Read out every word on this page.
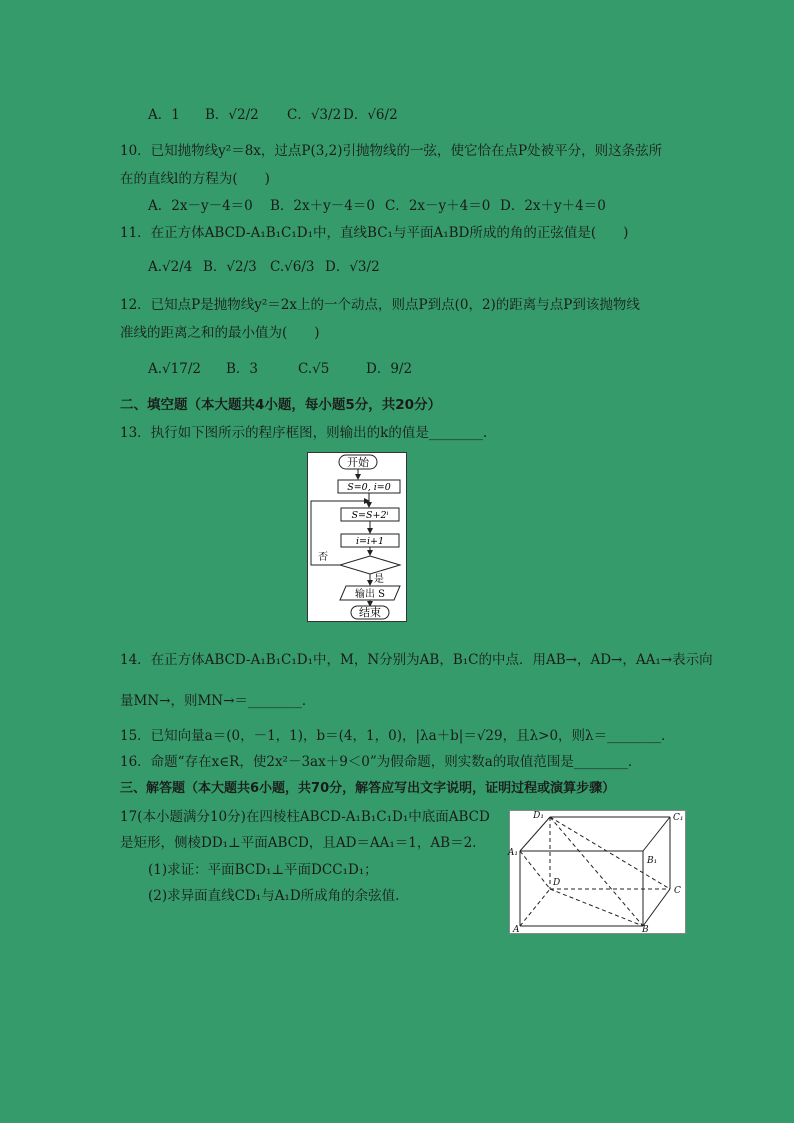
A．1 B．√2/2 C．√3/2 D．√6/2
10．已知抛物线y²＝8x，过点P(3,2)引抛物线的一弦，使它恰在点P处被平分，则这条弦所
在的直线l的方程为(　　)
A．2x－y－4＝0 B．2x＋y－4＝0 C．2x－y＋4＝0 D．2x＋y＋4＝0
11．在正方体ABCD-A₁B₁C₁D₁中，直线BC₁与平面A₁BD所成的角的正弦值是(　　)
A.√2/4 B．√2/3 C.√6/3 D．√3/2
12．已知点P是抛物线y²＝2x上的一个动点，则点P到点(0，2)的距离与点P到该抛物线
准线的距离之和的最小值为(　　)
A.√17/2 B．3	C.√5	D．9/2
二、填空题（本大题共4小题，每小题5分，共20分）
13．执行如下图所示的程序框图，则输出的k的值是________.
开始
S=0, i=0
S=S+2ⁱ
i=i+1
否
是
输出 S
结束
14．在正方体ABCD-A₁B₁C₁D₁中，M，N分别为AB，B₁C的中点．用AB→，AD→，AA₁→表示向
量MN→，则MN→＝________．
15．已知向量a＝(0，－1，1)，b＝(4，1，0)，|λa＋b|＝√29，且λ>0，则λ＝________．
16．命题“存在x∈R，使2x²－3ax＋9＜0”为假命题，则实数a的取值范围是________．
三、解答题（本大题共6小题，共70分，解答应写出文字说明，证明过程或演算步骤）
17(本小题满分10分)在四棱柱ABCD-A₁B₁C₁D₁中底面ABCD
是矩形，侧棱DD₁⊥平面ABCD，且AD＝AA₁＝1，AB＝2.
(1)求证：平面BCD₁⊥平面DCC₁D₁；
(2)求异面直线CD₁与A₁D所成角的余弦值.
D₁	C₁
A₁
B₁
D
C
A	B
